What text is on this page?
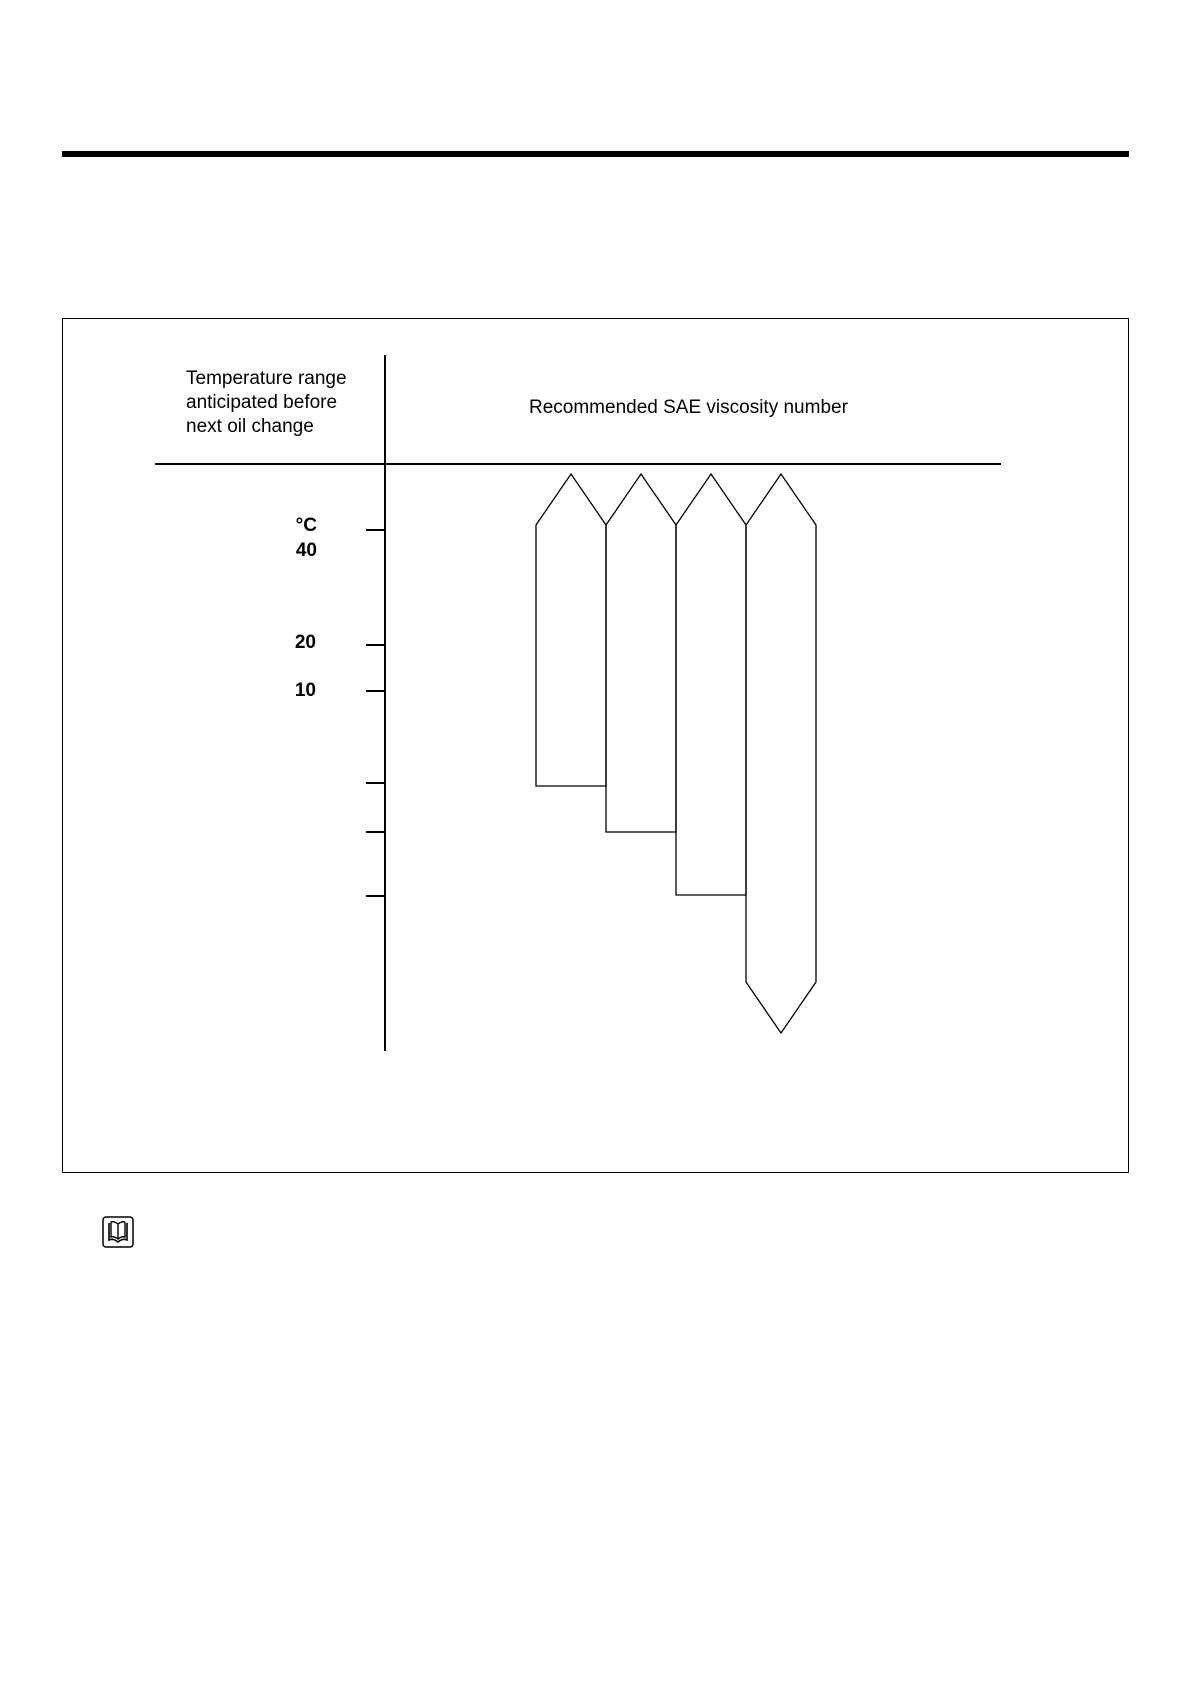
Temperature range
anticipated before
next oil change
Recommended SAE viscosity number
°C
40
20
10
